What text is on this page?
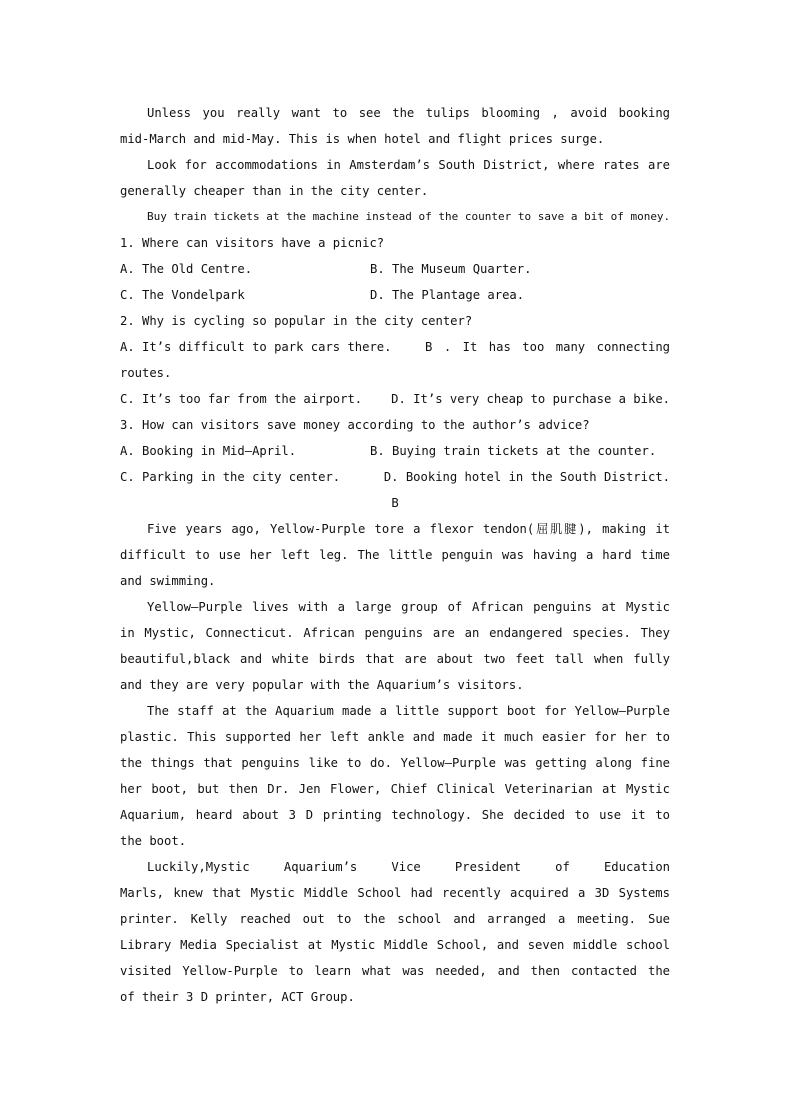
Unless you really want to see the tulips blooming , avoid booking
mid-March and mid-May. This is when hotel and flight prices surge.
Look for accommodations in Amsterdam’s South District, where rates are
generally cheaper than in the city center.
Buy train tickets at the machine instead of the counter to save a bit of money.
1. Where can visitors have a picnic?
A. The Old Centre.	B. The Museum Quarter.
C. The Vondelpark	D. The Plantage area.
2. Why is cycling so popular in the city center?
A. It’s difficult to park cars there.	B . It has too many connecting
routes.
C. It’s too far from the airport.	D. It’s very cheap to purchase a bike.
3. How can visitors save money according to the author’s advice?
A. Booking in Mid—April.	B. Buying train tickets at the counter.
C. Parking in the city center.	D. Booking hotel in the South District.
B
Five years ago, Yellow-Purple tore a flexor tendon(屈肌腱), making it
difficult to use her left leg. The little penguin was having a hard time
and swimming.
Yellow—Purple lives with a large group of African penguins at Mystic
in Mystic, Connecticut. African penguins are an endangered species. They
beautiful,black and white birds that are about two feet tall when fully
and they are very popular with the Aquarium’s visitors.
The staff at the Aquarium made a little support boot for Yellow—Purple
plastic. This supported her left ankle and made it much easier for her to
the things that penguins like to do. Yellow—Purple was getting along fine
her boot, but then Dr. Jen Flower, Chief Clinical Veterinarian at Mystic
Aquarium, heard about 3 D printing technology. She decided to use it to
the boot.
Luckily,Mystic Aquarium’s Vice President of Education
Marls, knew that Mystic Middle School had recently acquired a 3D Systems
printer. Kelly reached out to the school and arranged a meeting. Sue
Library Media Specialist at Mystic Middle School, and seven middle school
visited Yellow-Purple to learn what was needed, and then contacted the
of their 3 D printer, ACT Group.
